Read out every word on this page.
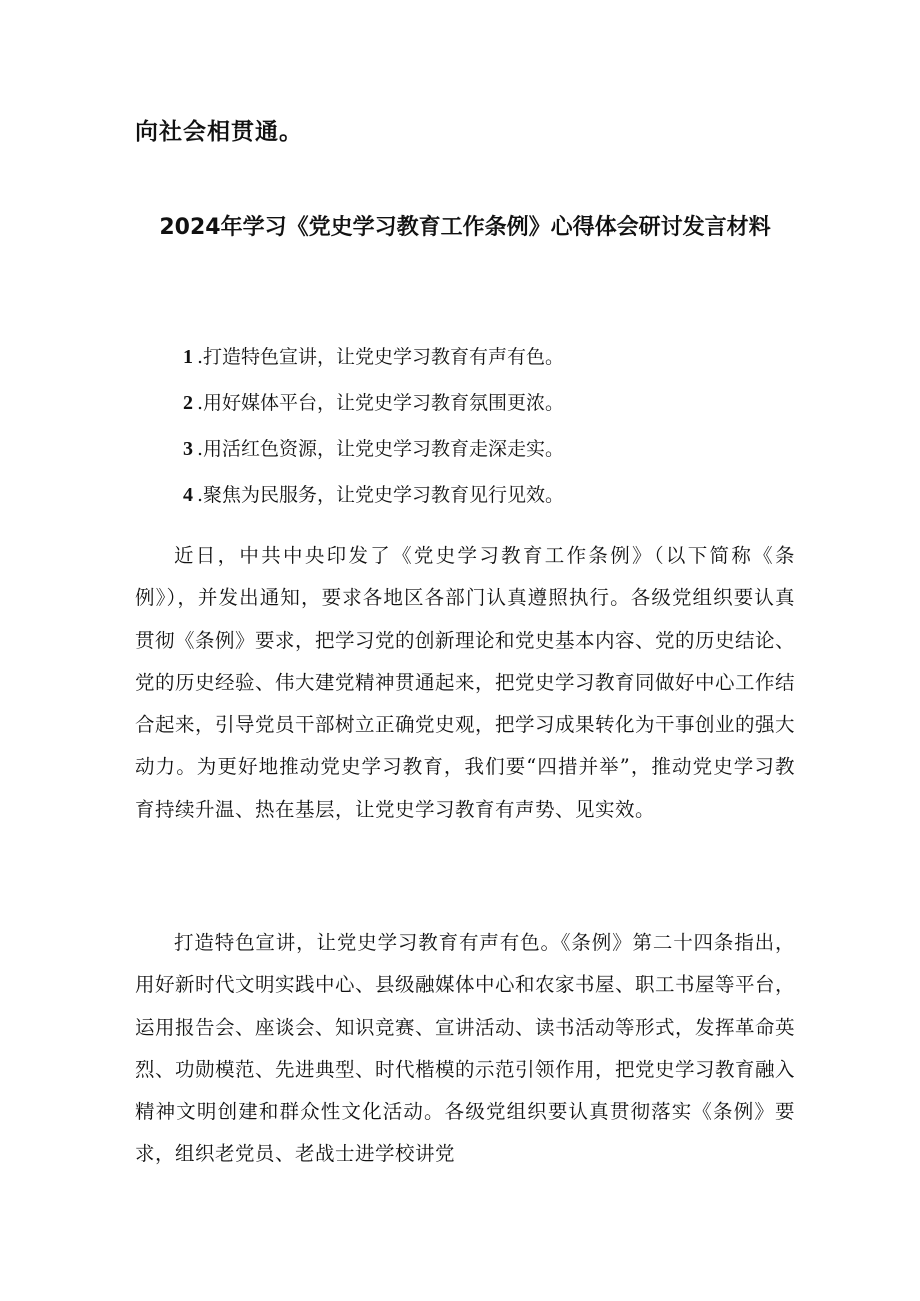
向社会相贯通。
2024年学习《党史学习教育工作条例》心得体会研讨发言材料
1 .打造特色宣讲，让党史学习教育有声有色。
2 .用好媒体平台，让党史学习教育氛围更浓。
3 .用活红色资源，让党史学习教育走深走实。
4 .聚焦为民服务，让党史学习教育见行见效。

近日，中共中央印发了《党史学习教育工作条例》（以下简称《条例》），并发出通知，要求各地区各部门认真遵照执行。各级党组织要认真贯彻《条例》要求，把学习党的创新理论和党史基本内容、党的历史结论、党的历史经验、伟大建党精神贯通起来，把党史学习教育同做好中心工作结合起来，引导党员干部树立正确党史观，把学习成果转化为干事创业的强大动力。为更好地推动党史学习教育，我们要“四措并举”，推动党史学习教育持续升温、热在基层，让党史学习教育有声势、见实效。

打造特色宣讲，让党史学习教育有声有色。《条例》第二十四条指出，用好新时代文明实践中心、县级融媒体中心和农家书屋、职工书屋等平台，运用报告会、座谈会、知识竞赛、宣讲活动、读书活动等形式，发挥革命英烈、功勋模范、先进典型、时代楷模的示范引领作用，把党史学习教育融入精神文明创建和群众性文化活动。各级党组织要认真贯彻落实《条例》要求，组织老党员、老战士进学校讲党
